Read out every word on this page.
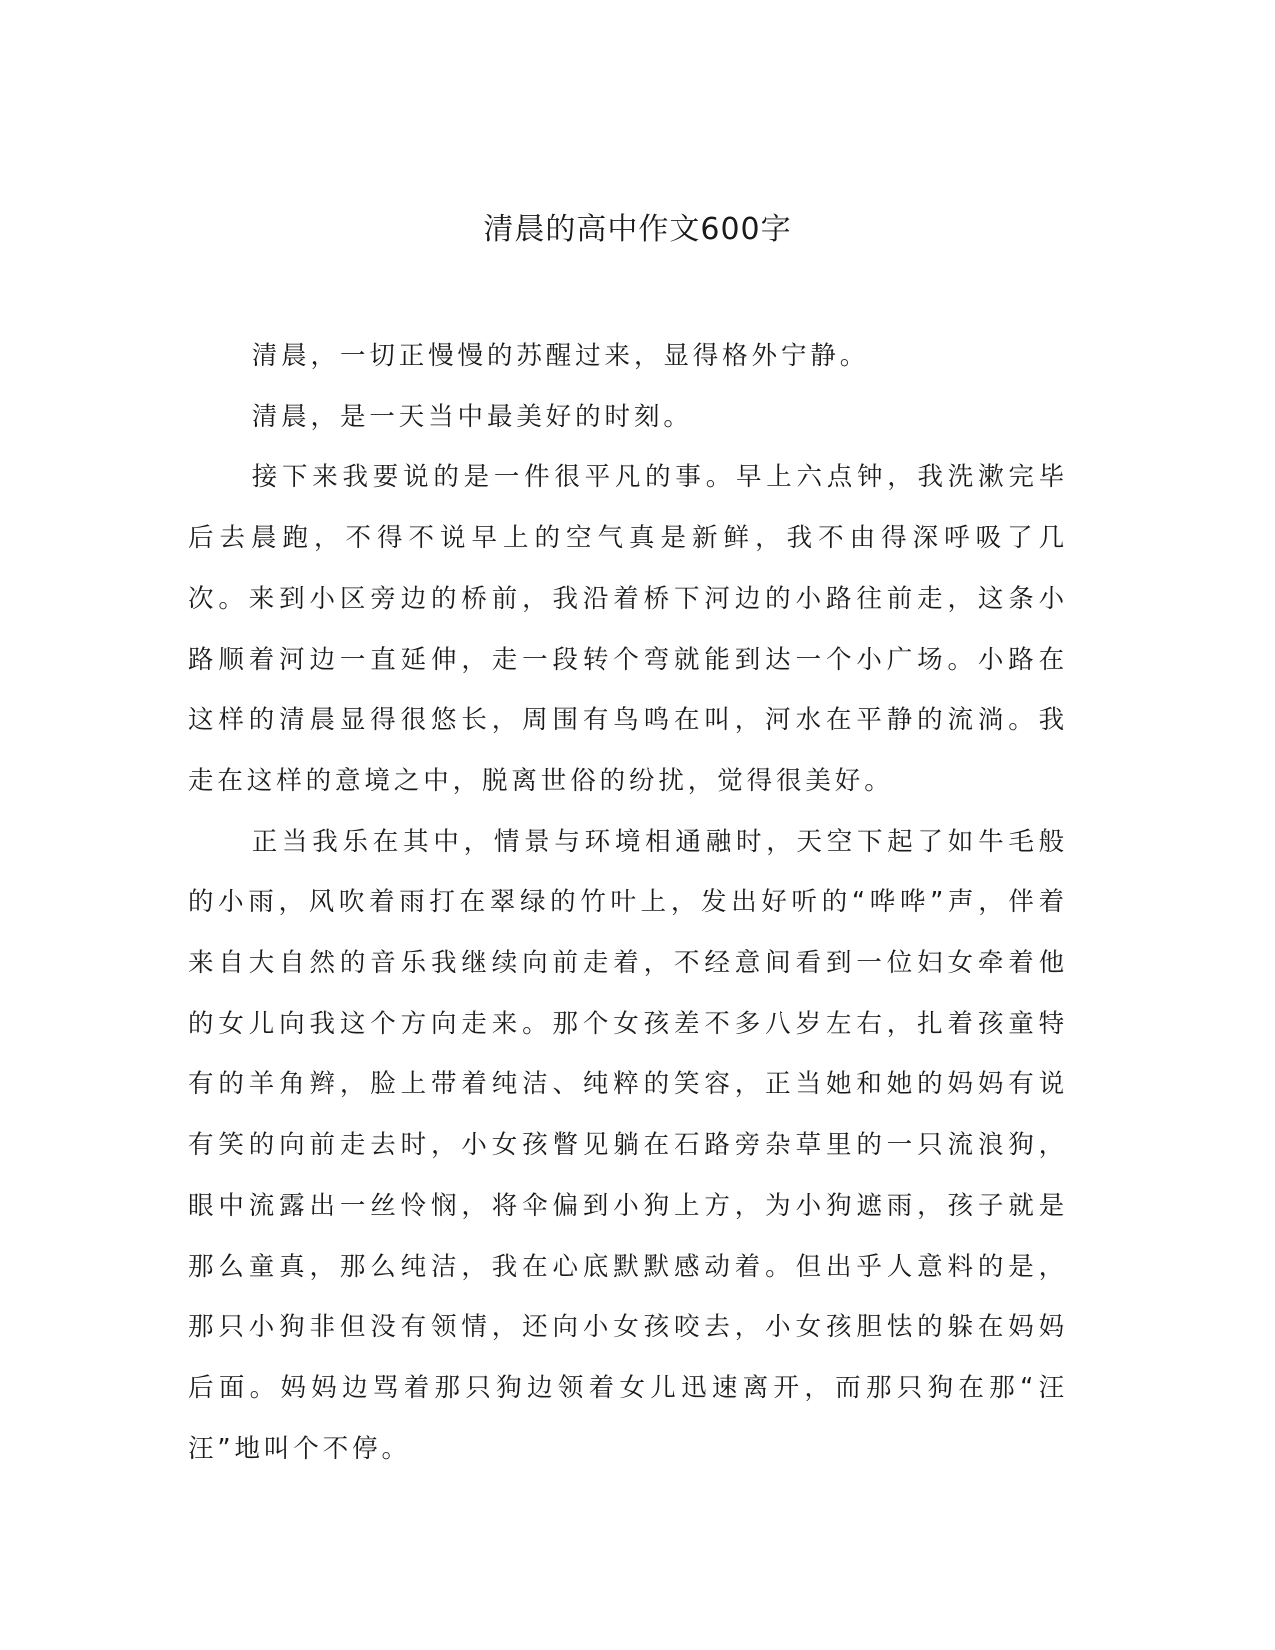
清晨的高中作文600字

清晨，一切正慢慢的苏醒过来，显得格外宁静。

清晨，是一天当中最美好的时刻。

接下来我要说的是一件很平凡的事。早上六点钟，我洗漱完毕后去晨跑，不得不说早上的空气真是新鲜，我不由得深呼吸了几次。来到小区旁边的桥前，我沿着桥下河边的小路往前走，这条小路顺着河边一直延伸，走一段转个弯就能到达一个小广场。小路在这样的清晨显得很悠长，周围有鸟鸣在叫，河水在平静的流淌。我走在这样的意境之中，脱离世俗的纷扰，觉得很美好。

正当我乐在其中，情景与环境相通融时，天空下起了如牛毛般的小雨，风吹着雨打在翠绿的竹叶上，发出好听的“哗哗”声，伴着来自大自然的音乐我继续向前走着，不经意间看到一位妇女牵着他的女儿向我这个方向走来。那个女孩差不多八岁左右，扎着孩童特有的羊角辫，脸上带着纯洁、纯粹的笑容，正当她和她的妈妈有说有笑的向前走去时，小女孩瞥见躺在石路旁杂草里的一只流浪狗，眼中流露出一丝怜悯，将伞偏到小狗上方，为小狗遮雨，孩子就是那么童真，那么纯洁，我在心底默默感动着。但出乎人意料的是，那只小狗非但没有领情，还向小女孩咬去，小女孩胆怯的躲在妈妈后面。妈妈边骂着那只狗边领着女儿迅速离开，而那只狗在那“汪汪”地叫个不停。
